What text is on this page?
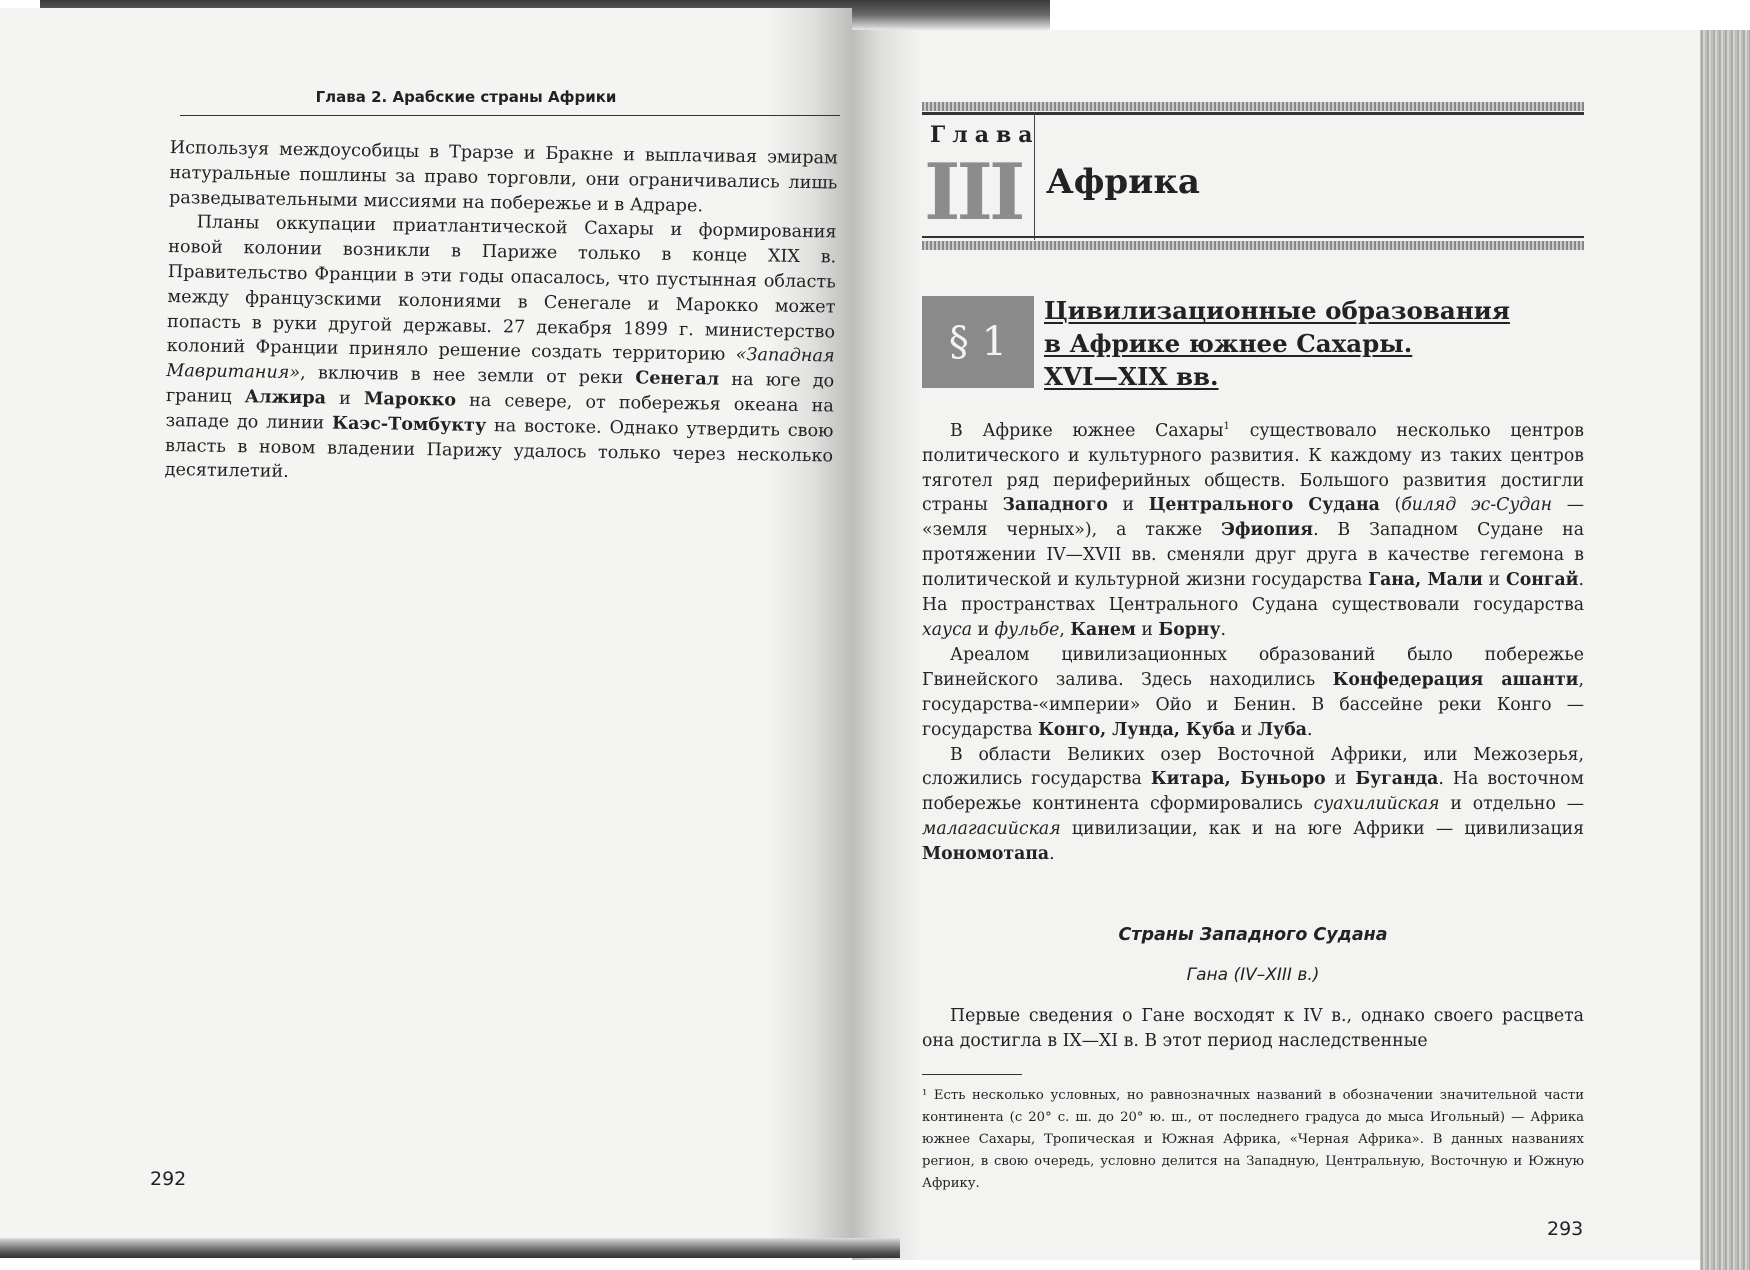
Глава 2. Арабские страны Африки

Используя междоусобицы в Трарзе и Бракне и выплачивая эмирам натуральные пошлины за право торговли, они ограничивались лишь разведывательными миссиями на побережье и в Адраре.

Планы оккупации приатлантической Сахары и формирования новой колонии возникли в Париже только в конце XIX в. Правительство Франции в эти годы опасалось, что пустынная область между французскими колониями в Сенегале и Марокко может попасть в руки другой державы. 27 декабря 1899 г. министерство колоний Франции приняло решение создать территорию «Западная Мавритания», включив в нее земли от реки Сенегал на юге до границ Алжира и Марокко на севере, от побережья океана на западе до линии Каэс-Томбукту на востоке. Однако утвердить свою власть в новом владении Парижу удалось только через несколько десятилетий.

292
Глава
III Африка
§ 1
Цивилизационные образования
в Африке южнее Сахары.
XVI—XIX вв.

В Африке южнее Сахары$^1$ существовало несколько центров политического и культурного развития. К каждому из таких центров тяготел ряд периферийных обществ. Большого развития достигли страны Западного и Центрального Судана (биляд эс-Судан — «земля черных»), а также Эфиопия. В Западном Судане на протяжении IV—XVII вв. сменяли друг друга в качестве гегемона в политической и культурной жизни государства Гана, Мали и Сонгай. На пространствах Центрального Судана существовали государства хауса и фульбе, Канем и Борну.

Ареалом цивилизационных образований было побережье Гвинейского залива. Здесь находились Конфедерация ашанти, государства-«империи» Ойо и Бенин. В бассейне реки Конго — государства Конго, Лунда, Куба и Луба.

В области Великих озер Восточной Африки, или Межозерья, сложились государства Китара, Буньоро и Буганда. На восточном побережье континента сформировались суахилийская и отдельно — малагасийская цивилизации, как и на юге Африки — цивилизация Мономотапа.

Страны Западного Судана
Гана (IV–XIII в.)

Первые сведения о Гане восходят к IV в., однако своего расцвета она достигла в IX—XI в. В этот период наследственные

¹ Есть несколько условных, но равнозначных названий в обозначении значительной части континента (с 20° с. ш. до 20° ю. ш., от последнего градуса до мыса Игольный) — Африка южнее Сахары, Тропическая и Южная Африка, «Черная Африка». В данных названиях регион, в свою очередь, условно делится на Западную, Центральную, Восточную и Южную Африку.
293
